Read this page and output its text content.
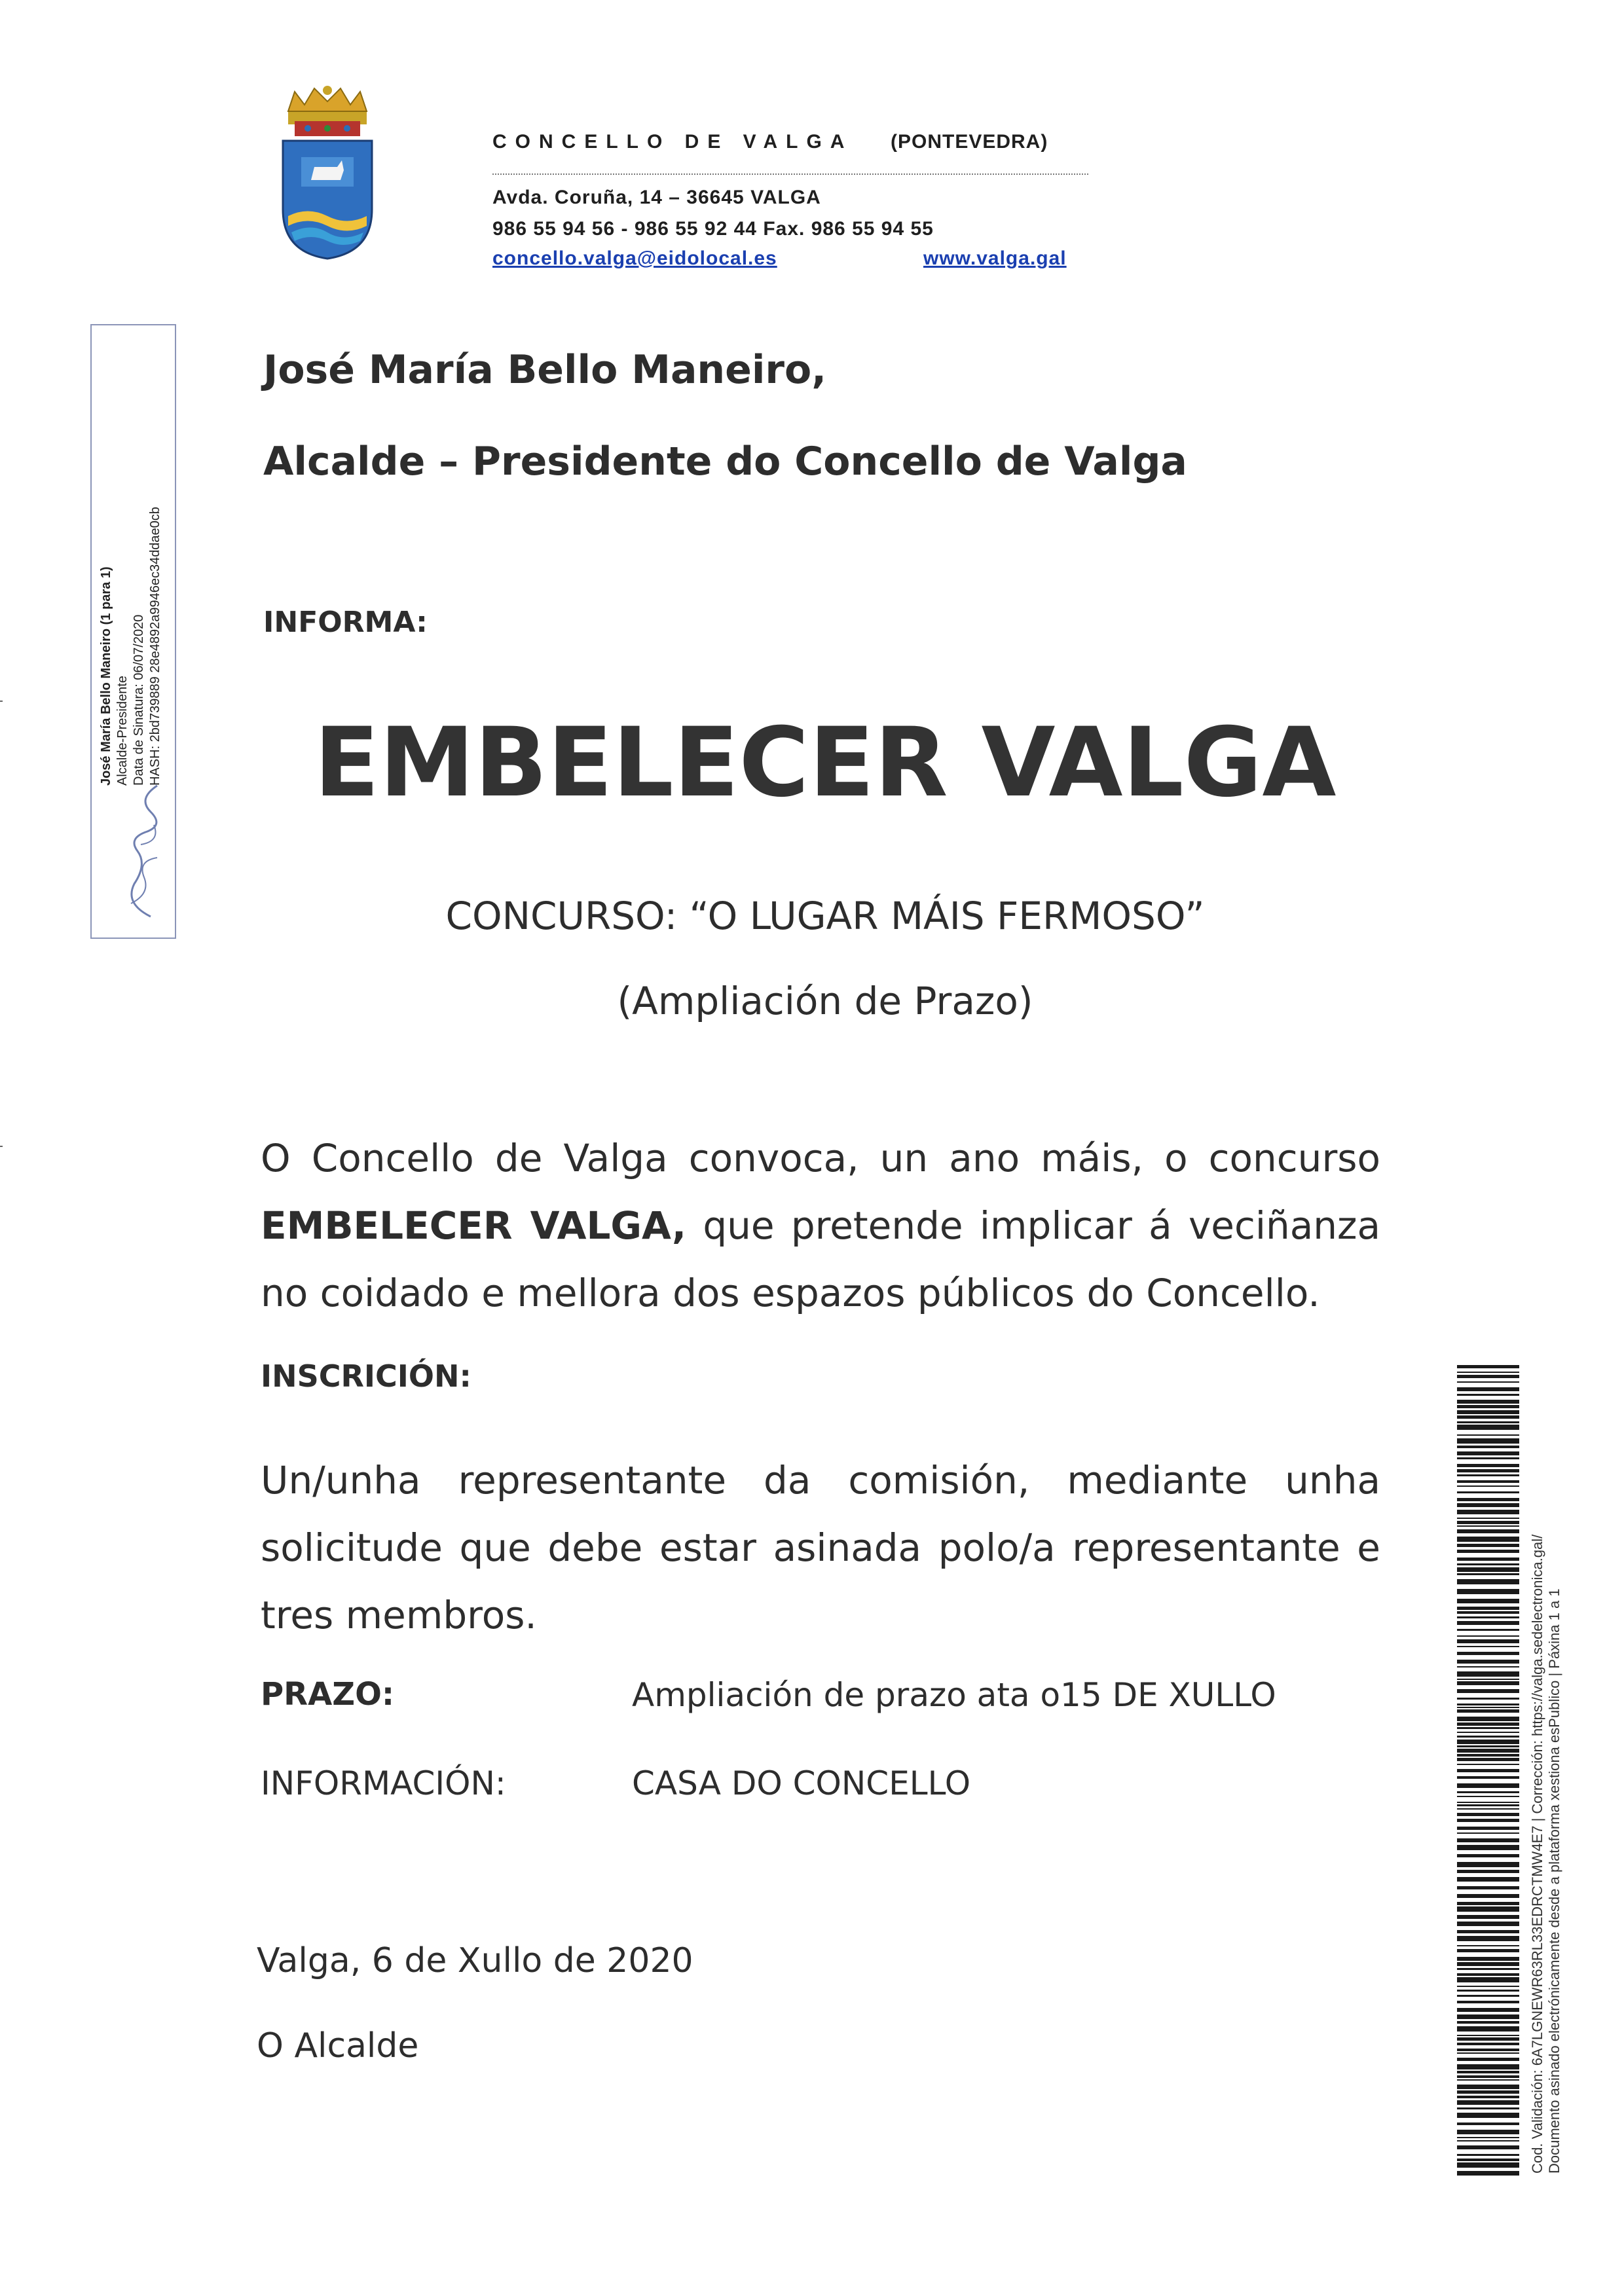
CONCELLO DE VALGA (PONTEVEDRA)
Avda. Coruña, 14 – 36645 VALGA
986 55 94 56 - 986 55 92 44 Fax. 986 55 94 55
concello.valga@eidolocal.es	www.valga.gal
José María Bello Maneiro (1 para 1) Alcalde-Presidente Data de Sinatura: 06/07/2020 HASH: 2bd739889 28e4892a9946ec34ddae0cb
José María Bello Maneiro,
Alcalde – Presidente do Concello de Valga
INFORMA:
EMBELECER VALGA
CONCURSO: “O LUGAR MÁIS FERMOSO”
(Ampliación de Prazo)
O Concello de Valga convoca, un ano máis, o concurso EMBELECER VALGA, que pretende implicar á veciñanza no coidado e mellora dos espazos públicos do Concello.
INSCRICIÓN:
Un/unha representante da comisión, mediante unha solicitude que debe estar asinada polo/a representante e tres membros.
PRAZO:	Ampliación de prazo ata o15 DE XULLO
INFORMACIÓN:	CASA DO CONCELLO
Valga, 6 de Xullo de 2020
O Alcalde	Cod. Validación: 6A7LGNEWR63RL33EDRCTMW4E7 | Corrección: https://valga.sedelectronica.gal/ Documento asinado electrónicamente desde a plataforma xestiona esPublico | Páxina 1 a 1
